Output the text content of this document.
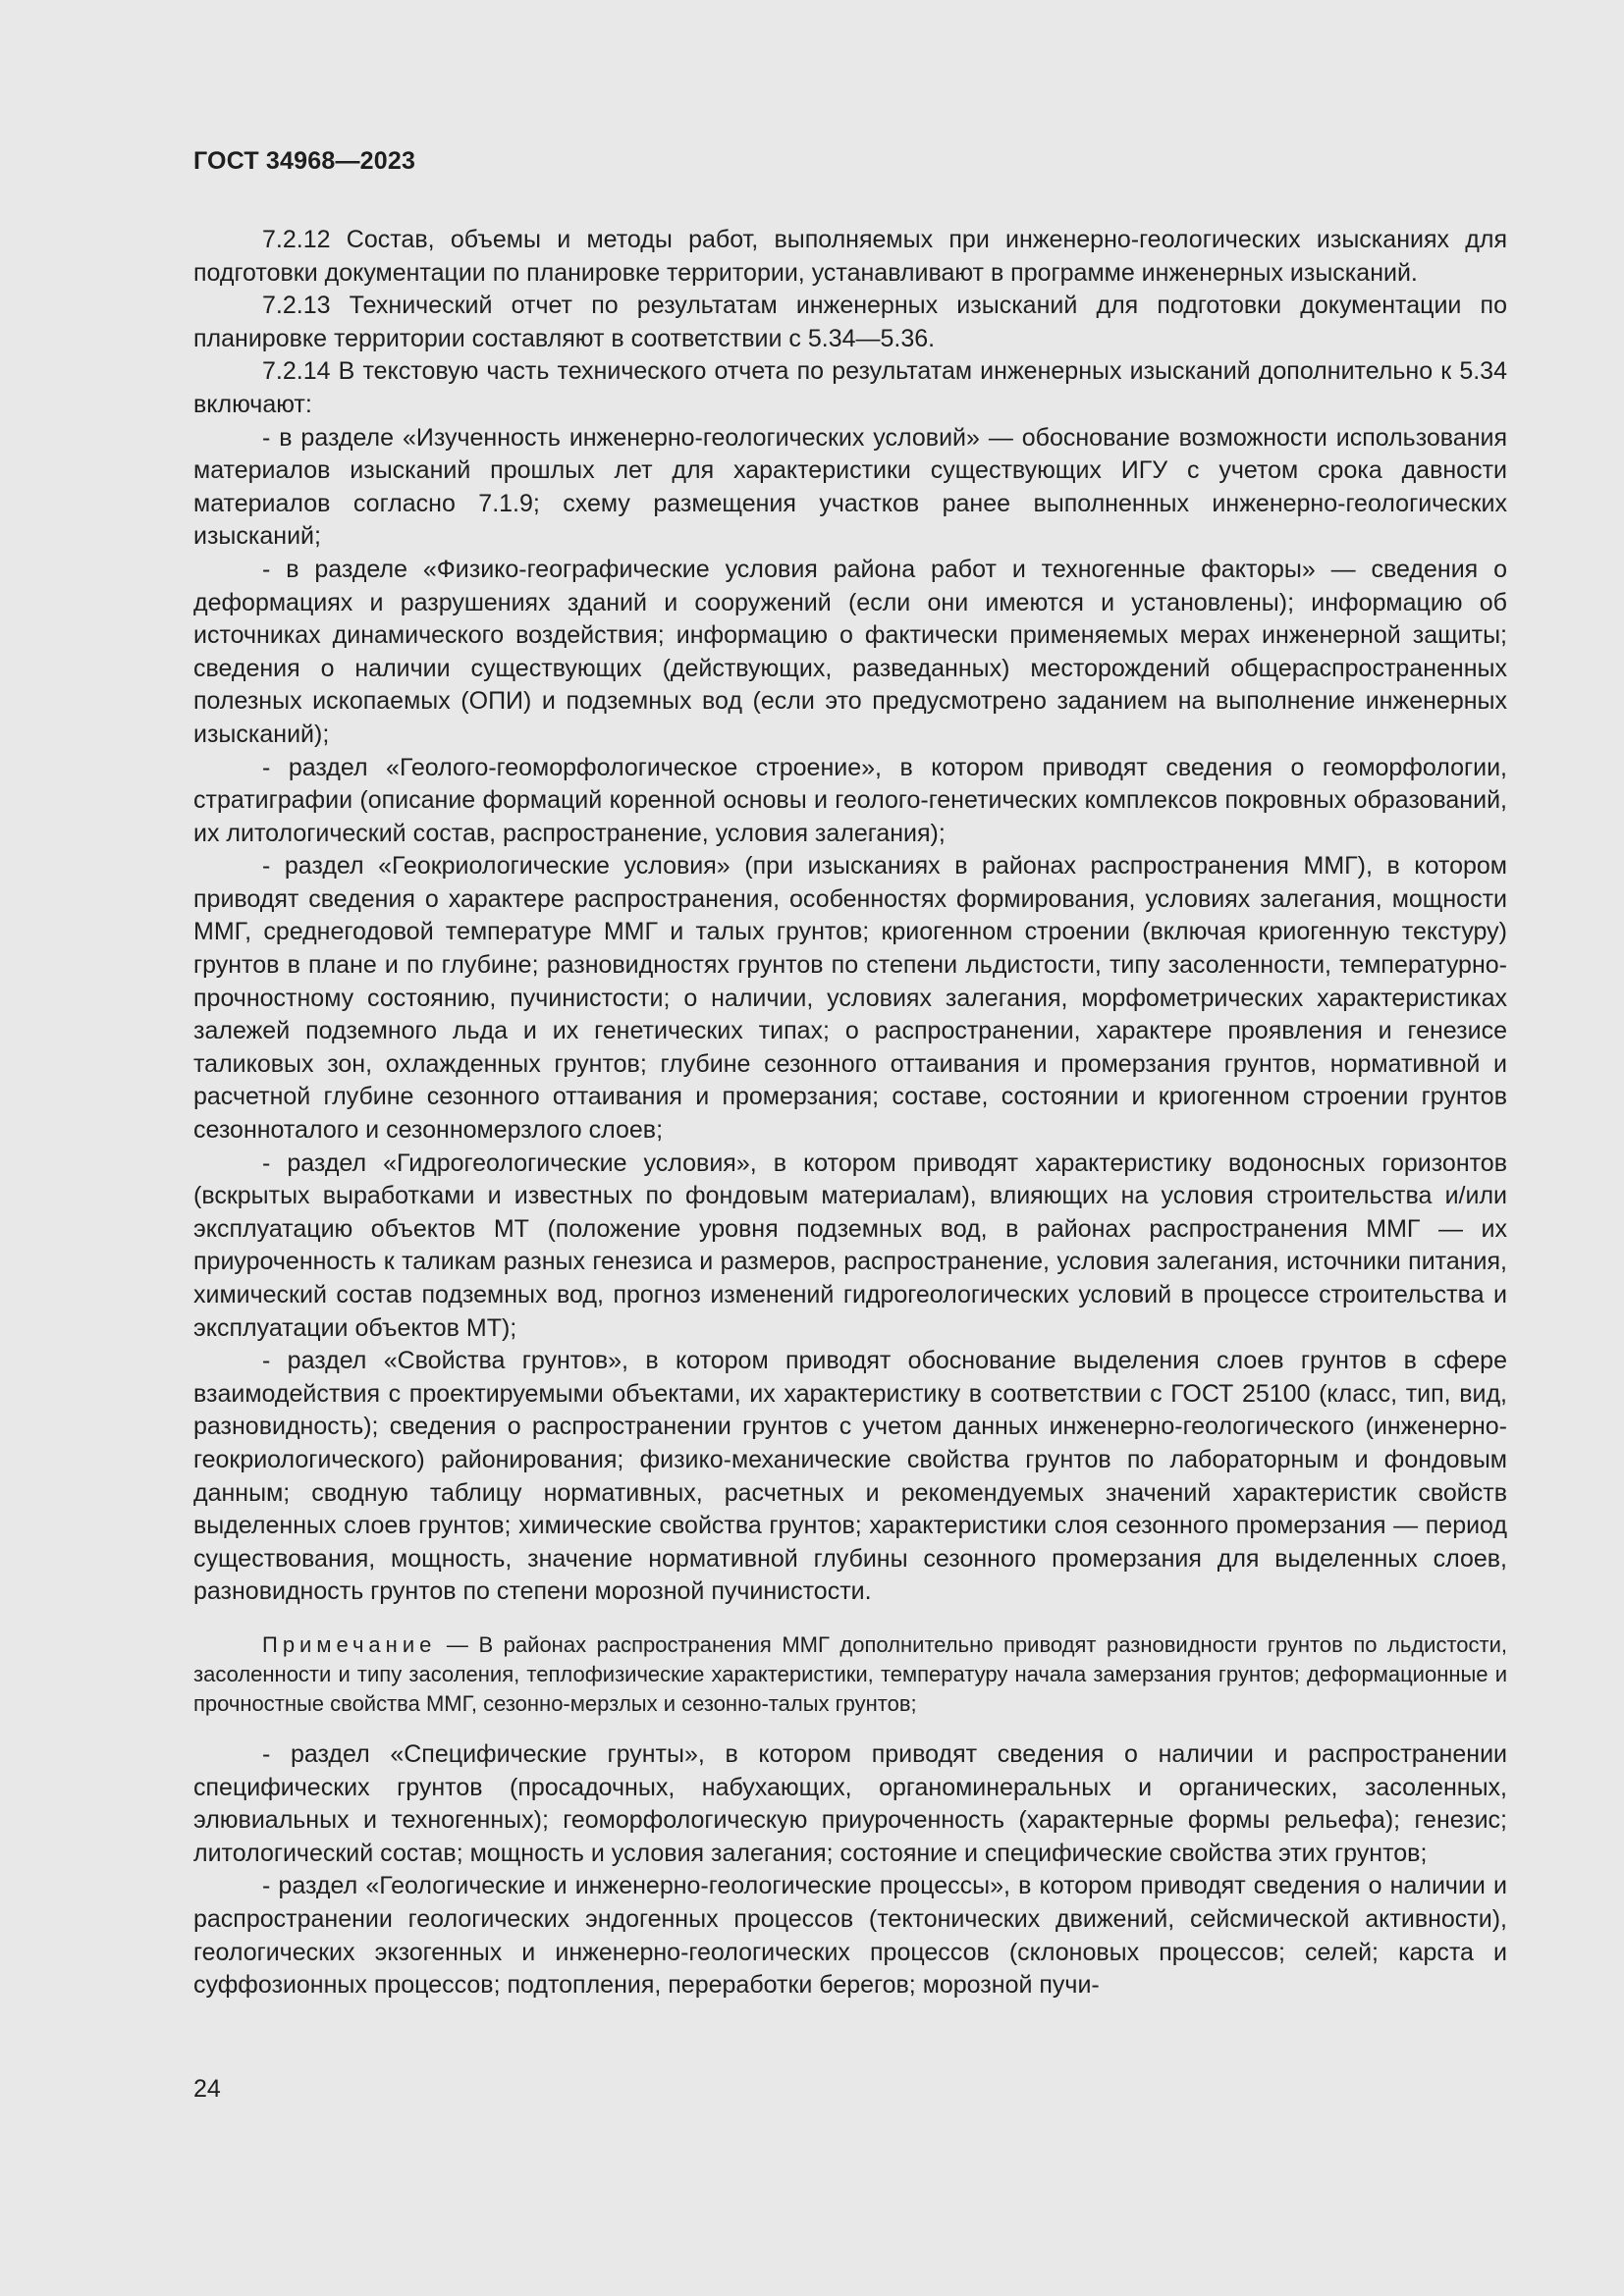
ГОСТ 34968—2023

7.2.12 Состав, объемы и методы работ, выполняемых при инженерно-геологических изысканиях для подготовки документации по планировке территории, устанавливают в программе инженерных изысканий.

7.2.13 Технический отчет по результатам инженерных изысканий для подготовки документации по планировке территории составляют в соответствии с 5.34—5.36.

7.2.14 В текстовую часть технического отчета по результатам инженерных изысканий дополнительно к 5.34 включают:

- в разделе «Изученность инженерно-геологических условий» — обоснование возможности использования материалов изысканий прошлых лет для характеристики существующих ИГУ с учетом срока давности материалов согласно 7.1.9; схему размещения участков ранее выполненных инженерно-геологических изысканий;

- в разделе «Физико-географические условия района работ и техногенные факторы» — сведения о деформациях и разрушениях зданий и сооружений (если они имеются и установлены); информацию об источниках динамического воздействия; информацию о фактически применяемых мерах инженерной защиты; сведения о наличии существующих (действующих, разведанных) месторождений общераспространенных полезных ископаемых (ОПИ) и подземных вод (если это предусмотрено заданием на выполнение инженерных изысканий);

- раздел «Геолого-геоморфологическое строение», в котором приводят сведения о геоморфологии, стратиграфии (описание формаций коренной основы и геолого-генетических комплексов покровных образований, их литологический состав, распространение, условия залегания);

- раздел «Геокриологические условия» (при изысканиях в районах распространения ММГ), в котором приводят сведения о характере распространения, особенностях формирования, условиях залегания, мощности ММГ, среднегодовой температуре ММГ и талых грунтов; криогенном строении (включая криогенную текстуру) грунтов в плане и по глубине; разновидностях грунтов по степени льдистости, типу засоленности, температурно-прочностному состоянию, пучинистости; о наличии, условиях залегания, морфометрических характеристиках залежей подземного льда и их генетических типах; о распространении, характере проявления и генезисе таликовых зон, охлажденных грунтов; глубине сезонного оттаивания и промерзания грунтов, нормативной и расчетной глубине сезонного оттаивания и промерзания; составе, состоянии и криогенном строении грунтов сезонноталого и сезонномерзлого слоев;

- раздел «Гидрогеологические условия», в котором приводят характеристику водоносных горизонтов (вскрытых выработками и известных по фондовым материалам), влияющих на условия строительства и/или эксплуатацию объектов МТ (положение уровня подземных вод, в районах распространения ММГ — их приуроченность к таликам разных генезиса и размеров, распространение, условия залегания, источники питания, химический состав подземных вод, прогноз изменений гидрогеологических условий в процессе строительства и эксплуатации объектов МТ);

- раздел «Свойства грунтов», в котором приводят обоснование выделения слоев грунтов в сфере взаимодействия с проектируемыми объектами, их характеристику в соответствии с ГОСТ 25100 (класс, тип, вид, разновидность); сведения о распространении грунтов с учетом данных инженерно-геологического (инженерно-геокриологического) районирования; физико-механические свойства грунтов по лабораторным и фондовым данным; сводную таблицу нормативных, расчетных и рекомендуемых значений характеристик свойств выделенных слоев грунтов; химические свойства грунтов; характеристики слоя сезонного промерзания — период существования, мощность, значение нормативной глубины сезонного промерзания для выделенных слоев, разновидность грунтов по степени морозной пучинистости.

Примечание — В районах распространения ММГ дополнительно приводят разновидности грунтов по льдистости, засоленности и типу засоления, теплофизические характеристики, температуру начала замерзания грунтов; деформационные и прочностные свойства ММГ, сезонно-мерзлых и сезонно-талых грунтов;

- раздел «Специфические грунты», в котором приводят сведения о наличии и распространении специфических грунтов (просадочных, набухающих, органоминеральных и органических, засоленных, элювиальных и техногенных); геоморфологическую приуроченность (характерные формы рельефа); генезис; литологический состав; мощность и условия залегания; состояние и специфические свойства этих грунтов;

- раздел «Геологические и инженерно-геологические процессы», в котором приводят сведения о наличии и распространении геологических эндогенных процессов (тектонических движений, сейсмической активности), геологических экзогенных и инженерно-геологических процессов (склоновых процессов; селей; карста и суффозионных процессов; подтопления, переработки берегов; морозной пучи-

24
